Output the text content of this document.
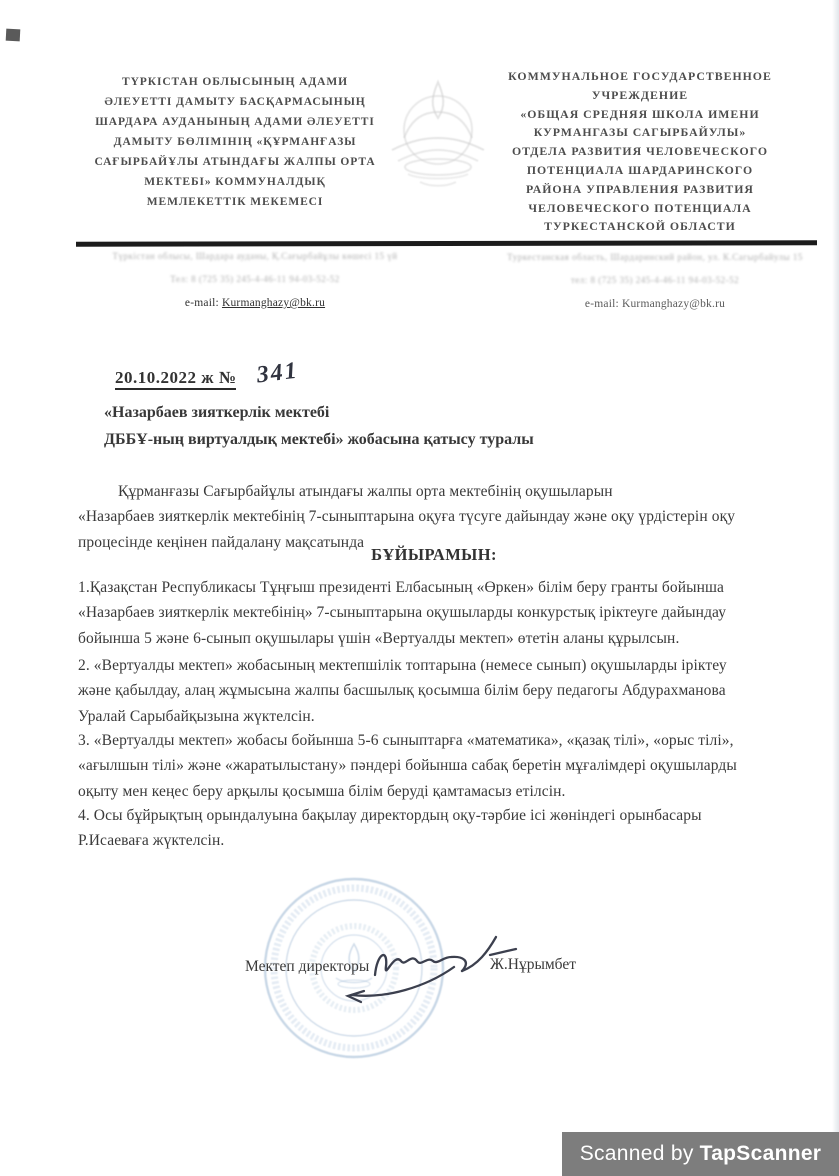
ТҮРКІСТАН ОБЛЫСЫНЫҢ АДАМИ
ӘЛЕУЕТТІ ДАМЫТУ БАСҚАРМАСЫНЫҢ
ШАРДАРА АУДАНЫНЫҢ АДАМИ ӘЛЕУЕТТІ
ДАМЫТУ БӨЛІМІНІҢ «ҚҰРМАНҒАЗЫ
САҒЫРБАЙҰЛЫ АТЫНДАҒЫ ЖАЛПЫ ОРТА
МЕКТЕБІ» КОММУНАЛДЫҚ
МЕМЛЕКЕТТІК МЕКЕМЕСІ
КОММУНАЛЬНОЕ ГОСУДАРСТВЕННОЕ
УЧРЕЖДЕНИЕ
«ОБЩАЯ СРЕДНЯЯ ШКОЛА ИМЕНИ
КУРМАНГАЗЫ САГЫРБАЙУЛЫ»
ОТДЕЛА РАЗВИТИЯ ЧЕЛОВЕЧЕСКОГО
ПОТЕНЦИАЛА ШАРДАРИНСКОГО
РАЙОНА УПРАВЛЕНИЯ РАЗВИТИЯ
ЧЕЛОВЕЧЕСКОГО ПОТЕНЦИАЛА
ТУРКЕСТАНСКОЙ ОБЛАСТИ
Түркістан облысы, Шардара ауданы, Қ.Сағырбайұлы көшесі 15 үй
Тел: 8 (725 35) 245-4-46-11 94-03-52-52
e-mail: Kurmanghazy@bk.ru
Туркестанская область, Шардаринский район, ул. К.Сагырбайулы 15
тел: 8 (725 35) 245-4-46-11 94-03-52-52
e-mail: Kurmanghazy@bk.ru
20.10.2022 ж № 341
«Назарбаев зияткерлік мектебі
ДББҰ-ның виртуалдық мектебі» жобасына қатысу туралы
Құрманғазы Сағырбайұлы атындағы жалпы орта мектебінің оқушыларын
«Назарбаев зияткерлік мектебінің 7-сыныптарына оқуға түсуге дайындау және оқу үрдістерін оқу
процесінде кеңінен пайдалану мақсатында
БҰЙЫРАМЫН:
1.Қазақстан Республикасы Тұңғыш президенті Елбасының «Өркен» білім беру гранты бойынша
«Назарбаев зияткерлік мектебінің» 7-сыныптарына оқушыларды конкурстық іріктеуге дайындау
бойынша 5 және 6-сынып оқушылары үшін «Вертуалды мектеп» өтетін аланы құрылсын.
2. «Вертуалды мектеп» жобасының мектепшілік топтарына (немесе сынып) оқушыларды іріктеу
және қабылдау, алаң жұмысына жалпы басшылық қосымша білім беру педагогы Абдурахманова
Уралай Сарыбайқызына жүктелсін.
3. «Вертуалды мектеп» жобасы бойынша 5-6 сыныптарға «математика», «қазақ тілі», «орыс тілі»,
«ағылшын тілі» және «жаратылыстану» пәндері бойынша сабақ беретін мұғалімдері оқушыларды
оқыту мен кеңес беру арқылы қосымша білім беруді қамтамасыз етілсін.
4. Осы бұйрықтың орындалуына бақылау директордың оқу-тәрбие ісі жөніндегі орынбасары
Р.Исаеваға жүктелсін.
Мектеп директоры	Ж.Нұрымбет
Scanned by TapScanner
